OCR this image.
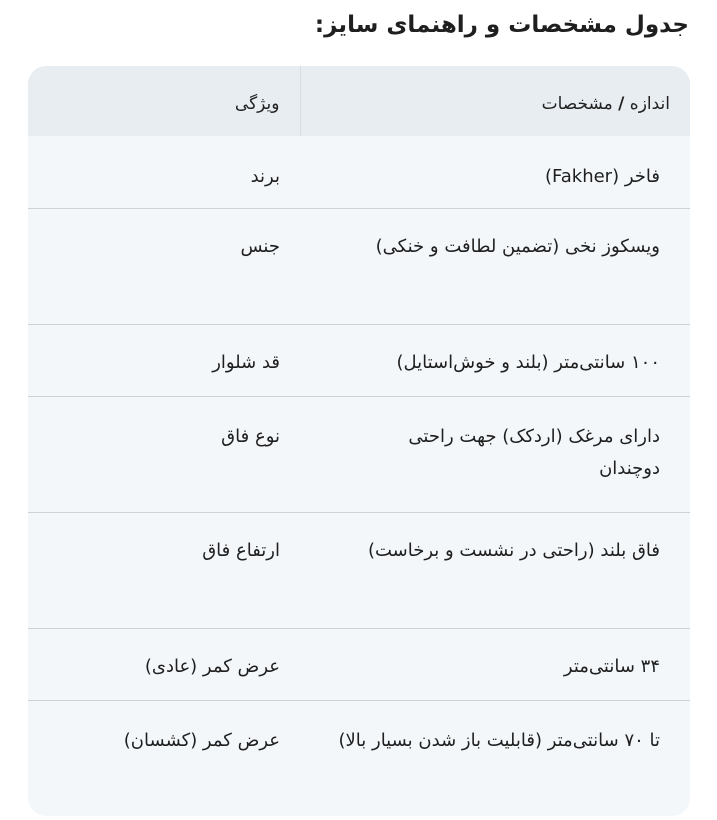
جدول مشخصات و راهنمای سایز:
اندازه / مشخصات	ویژگی
فاخر (Fakher)	برند
ویسکوز نخی (تضمین لطافت و خنکی)	جنس
۱۰۰ سانتی‌متر (بلند و خوش‌استایل)	قد شلوار

دارای مرغک (اردکک) جهت راحتی دوچندان	نوع فاق
فاق بلند (راحتی در نشست و برخاست)	ارتفاع فاق
۳۴ سانتی‌متر	عرض کمر (عادی)
تا ۷۰ سانتی‌متر (قابلیت باز شدن بسیار بالا)	عرض کمر (کشسان)
